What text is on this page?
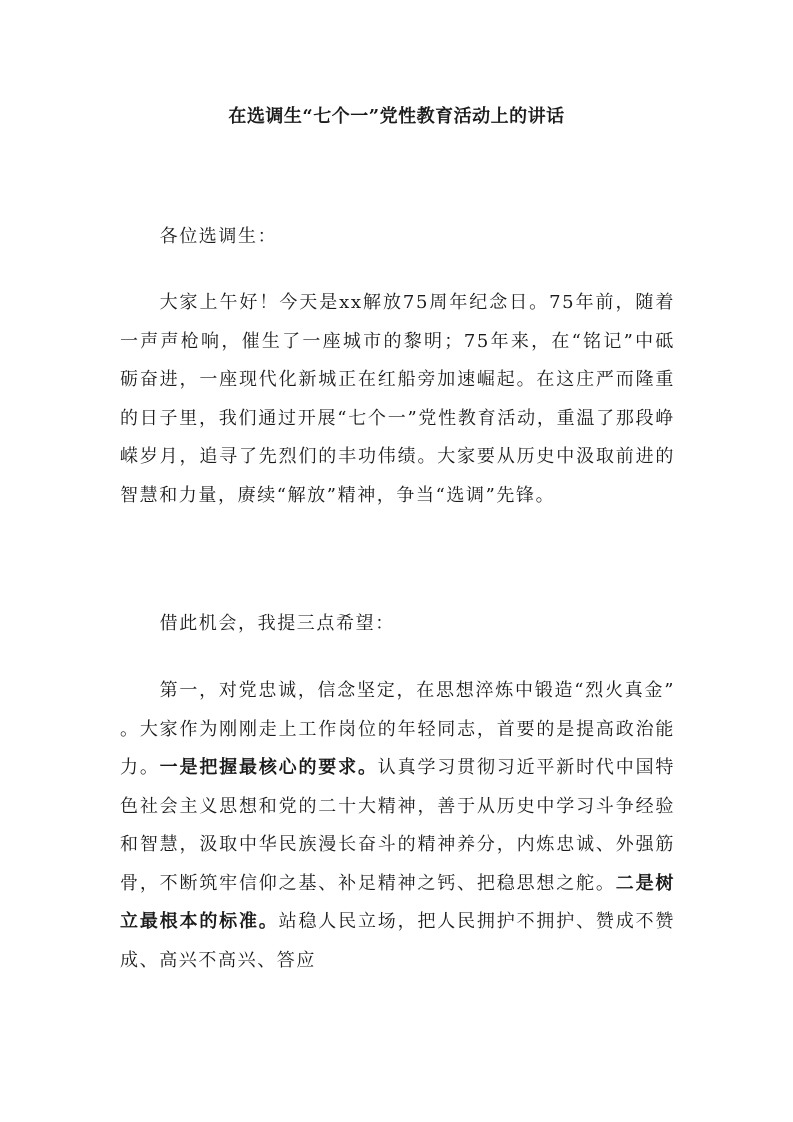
在选调生“七个一”党性教育活动上的讲话

各位选调生：

大家上午好！今天是xx解放75周年纪念日。75年前，随着一声声枪响，催生了一座城市的黎明；75年来，在“铭记”中砥砺奋进，一座现代化新城正在红船旁加速崛起。在这庄严而隆重的日子里，我们通过开展“七个一”党性教育活动，重温了那段峥嵘岁月，追寻了先烈们的丰功伟绩。大家要从历史中汲取前进的智慧和力量，赓续“解放”精神，争当“选调”先锋。

借此机会，我提三点希望：

第一，对党忠诚，信念坚定，在思想淬炼中锻造“烈火真金” 。大家作为刚刚走上工作岗位的年轻同志，首要的是提高政治能力。一是把握最核心的要求。认真学习贯彻习近平新时代中国特色社会主义思想和党的二十大精神，善于从历史中学习斗争经验和智慧，汲取中华民族漫长奋斗的精神养分，内炼忠诚、外强筋骨，不断筑牢信仰之基、补足精神之钙、把稳思想之舵。二是树立最根本的标准。站稳人民立场，把人民拥护不拥护、赞成不赞成、高兴不高兴、答应
